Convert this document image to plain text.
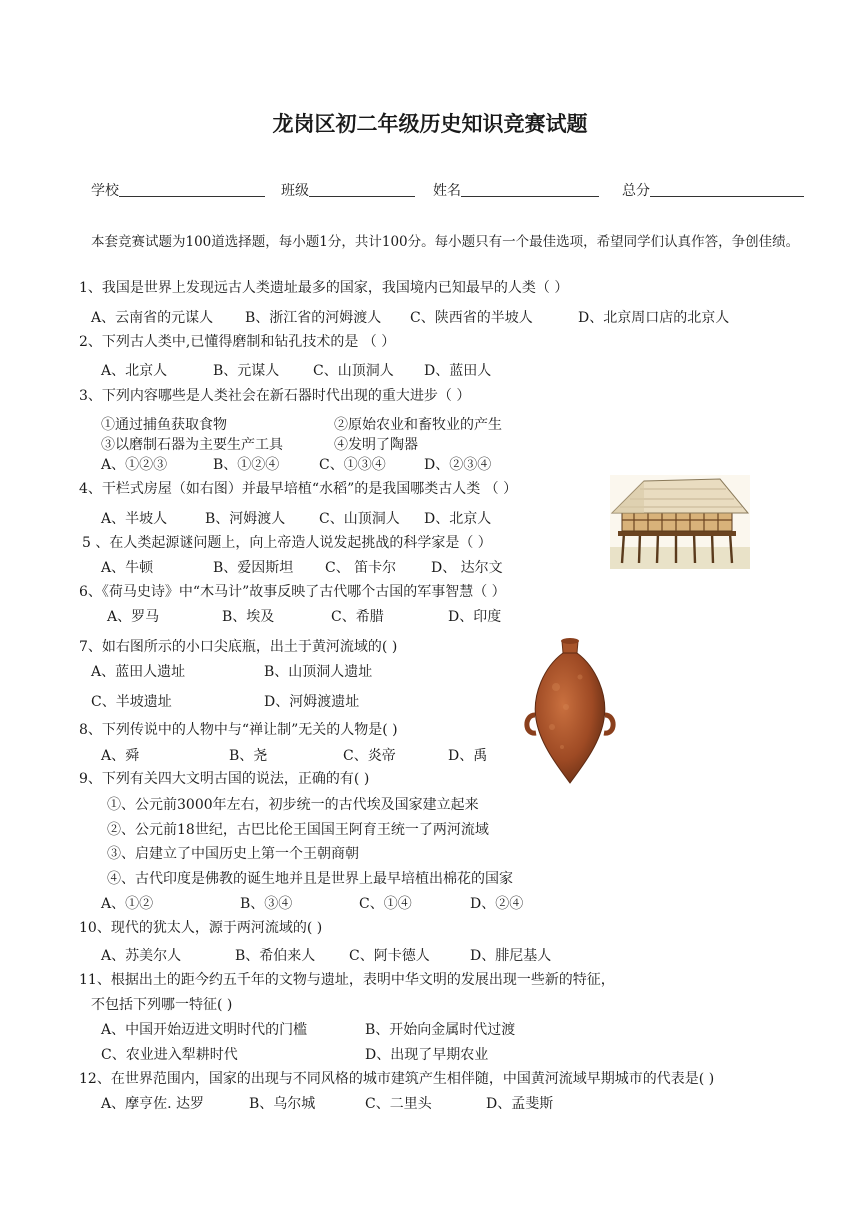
龙岗区初二年级历史知识竞赛试题
学校	班级	姓名	总分
本套竞赛试题为100道选择题，每小题1分，共计100分。每小题只有一个最佳选项，希望同学们认真作答，争创佳绩。
1、我国是世界上发现远古人类遗址最多的国家，我国境内已知最早的人类（ ）
A、云南省的元谋人 B、浙江省的河姆渡人 C、陕西省的半坡人	D、北京周口店的北京人
2、下列古人类中,已懂得磨制和钻孔技术的是 （ ）
A、北京人	B、元谋人 C、山顶洞人 D、蓝田人
3、下列内容哪些是人类社会在新石器时代出现的重大进步（ ）
①通过捕鱼获取食物	②原始农业和畜牧业的产生
③以磨制石器为主要生产工具	④发明了陶器
A、①②③	B、①②④	C、①③④	D、②③④
4、干栏式房屋（如右图）并最早培植“水稻”的是我国哪类古人类 （ ）
A、半坡人	B、河姆渡人 C、山顶洞人 D、北京人
5 、在人类起源谜问题上，向上帝造人说发起挑战的科学家是（ ）
A、牛顿	B、爱因斯坦 C、 笛卡尔 D、 达尔文
6、《荷马史诗》中“木马计”故事反映了古代哪个古国的军事智慧（ ）
A、罗马	B、埃及	C、希腊	D、印度
7、如右图所示的小口尖底瓶，出土于黄河流域的( )
A、蓝田人遗址	B、山顶洞人遗址
C、半坡遗址	D、河姆渡遗址
8、下列传说中的人物中与“禅让制”无关的人物是( )
A、舜	B、尧	C、炎帝	D、禹
9、下列有关四大文明古国的说法，正确的有( )
①、公元前3000年左右，初步统一的古代埃及国家建立起来
②、公元前18世纪，古巴比伦王国国王阿育王统一了两河流域
③、启建立了中国历史上第一个王朝商朝
④、古代印度是佛教的诞生地并且是世界上最早培植出棉花的国家
A、①②	B、③④	C、①④	D、②④
10、现代的犹太人，源于两河流域的( )
A、苏美尔人	B、希伯来人 C、阿卡德人	D、腓尼基人
11、根据出土的距今约五千年的文物与遗址，表明中华文明的发展出现一些新的特征，
不包括下列哪一特征( )
A、中国开始迈进文明时代的门槛	B、开始向金属时代过渡
C、农业进入犁耕时代	D、出现了早期农业
12、在世界范围内，国家的出现与不同风格的城市建筑产生相伴随，中国黄河流域早期城市的代表是( )
A、摩亨佐. 达罗	B、乌尔城	C、二里头	D、孟斐斯
